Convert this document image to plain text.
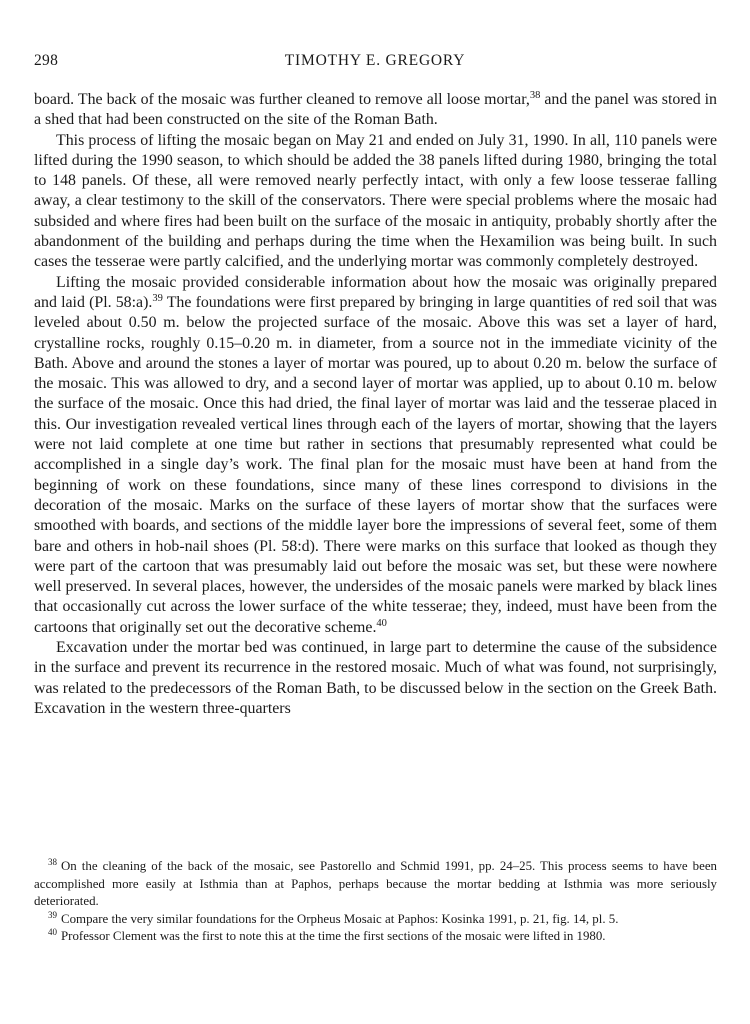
298	TIMOTHY E. GREGORY

board. The back of the mosaic was further cleaned to remove all loose mortar,$^{38}$ and the panel was stored in a shed that had been constructed on the site of the Roman Bath.

This process of lifting the mosaic began on May 21 and ended on July 31, 1990. In all, 110 panels were lifted during the 1990 season, to which should be added the 38 panels lifted during 1980, bringing the total to 148 panels. Of these, all were removed nearly perfectly intact, with only a few loose tesserae falling away, a clear testimony to the skill of the conservators. There were special problems where the mosaic had subsided and where fires had been built on the surface of the mosaic in antiquity, probably shortly after the abandonment of the building and perhaps during the time when the Hexamilion was being built. In such cases the tesserae were partly calcified, and the underlying mortar was commonly completely destroyed.

Lifting the mosaic provided considerable information about how the mosaic was originally prepared and laid (Pl. 58:a).$^{39}$ The foundations were first prepared by bringing in large quantities of red soil that was leveled about 0.50 m. below the projected surface of the mosaic. Above this was set a layer of hard, crystalline rocks, roughly 0.15–0.20 m. in diameter, from a source not in the immediate vicinity of the Bath. Above and around the stones a layer of mortar was poured, up to about 0.20 m. below the surface of the mosaic. This was allowed to dry, and a second layer of mortar was applied, up to about 0.10 m. below the surface of the mosaic. Once this had dried, the final layer of mortar was laid and the tesserae placed in this. Our investigation revealed vertical lines through each of the layers of mortar, showing that the layers were not laid complete at one time but rather in sections that presumably represented what could be accomplished in a single day’s work. The final plan for the mosaic must have been at hand from the beginning of work on these foundations, since many of these lines correspond to divisions in the decoration of the mosaic. Marks on the surface of these layers of mortar show that the surfaces were smoothed with boards, and sections of the middle layer bore the impressions of several feet, some of them bare and others in hob-nail shoes (Pl. 58:d). There were marks on this surface that looked as though they were part of the cartoon that was presumably laid out before the mosaic was set, but these were nowhere well preserved. In several places, however, the undersides of the mosaic panels were marked by black lines that occasionally cut across the lower surface of the white tesserae; they, indeed, must have been from the cartoons that originally set out the decorative scheme.$^{40}$

Excavation under the mortar bed was continued, in large part to determine the cause of the subsidence in the surface and prevent its recurrence in the restored mosaic. Much of what was found, not surprisingly, was related to the predecessors of the Roman Bath, to be discussed below in the section on the Greek Bath. Excavation in the western three-quarters

$^{38}$ On the cleaning of the back of the mosaic, see Pastorello and Schmid 1991, pp. 24–25. This process seems to have been accomplished more easily at Isthmia than at Paphos, perhaps because the mortar bedding at Isthmia was more seriously deteriorated.

$^{39}$ Compare the very similar foundations for the Orpheus Mosaic at Paphos: Kosinka 1991, p. 21, fig. 14, pl. 5.

$^{40}$ Professor Clement was the first to note this at the time the first sections of the mosaic were lifted in 1980.
